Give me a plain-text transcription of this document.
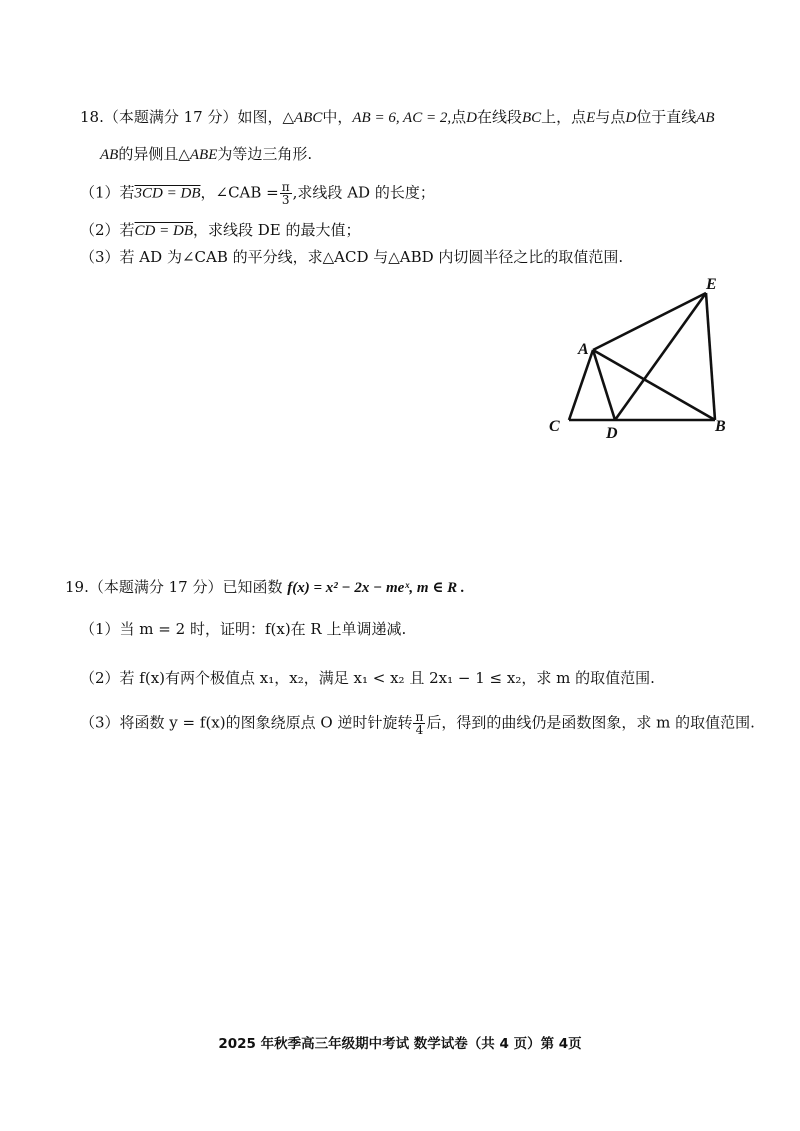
18.（本题满分 17 分）如图，△ABC中，AB = 6, AC = 2,点D在线段BC上，点E与点D位于直线AB
AB的异侧且△ABE为等边三角形.
（1）若3CD = DB，∠CAB = $\frac{\pi}{3}$ ,求线段 AD 的长度；
（2）若CD = DB，求线段 DE 的最大值；
（3）若 AD 为∠CAB 的平分线，求△ACD 与△ABD 内切圆半径之比的取值范围.
E
A
C	D	B
19.（本题满分 17 分）已知函数 f(x) = x² − 2x − meˣ, m ∈ R .
（1）当 m = 2 时，证明：f(x)在 R 上单调递减.
（2）若 f(x)有两个极值点 x₁，x₂，满足 x₁ < x₂ 且 2x₁ − 1 ≤ x₂，求 m 的取值范围.
（3）将函数 y = f(x)的图象绕原点 O 逆时针旋转 $\frac{\pi}{4}$ 后，得到的曲线仍是函数图象，求 m 的取值范围.
2025 年秋季高三年级期中考试 数学试卷（共 4 页）第 4页
